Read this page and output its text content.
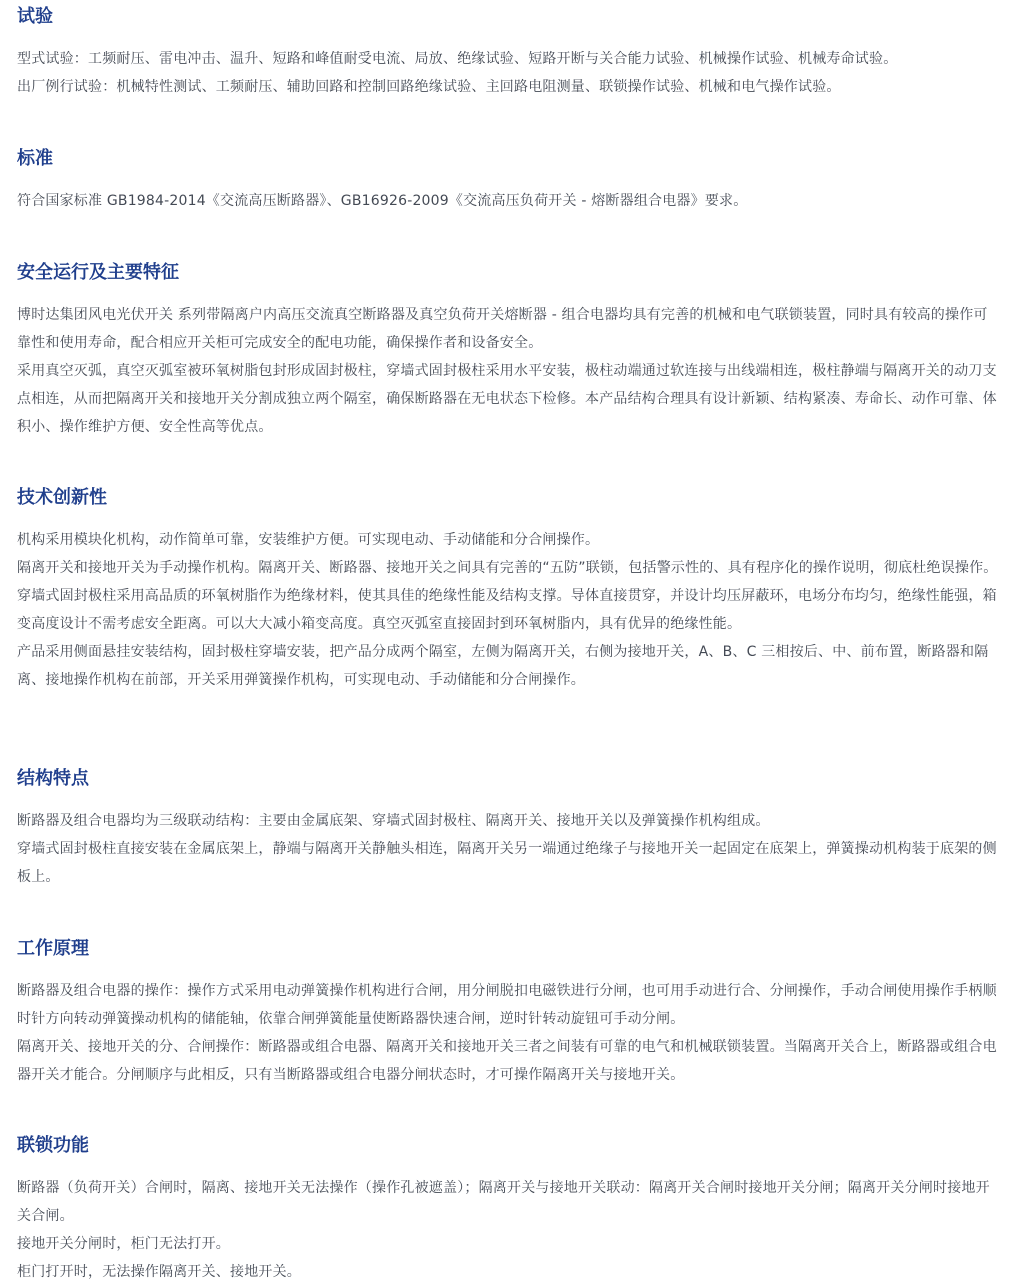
试验

型式试验：工频耐压、雷电冲击、温升、短路和峰值耐受电流、局放、绝缘试验、短路开断与关合能力试验、机械操作试验、机械寿命试验。

出厂例行试验：机械特性测试、工频耐压、辅助回路和控制回路绝缘试验、主回路电阻测量、联锁操作试验、机械和电气操作试验。

标准

符合国家标准 GB1984-2014《交流高压断路器》、GB16926-2009《交流高压负荷开关 - 熔断器组合电器》要求。

安全运行及主要特征

博时达集团风电光伏开关 系列带隔离户内高压交流真空断路器及真空负荷开关熔断器 - 组合电器均具有完善的机械和电气联锁装置，同时具有较高的操作可靠性和使用寿命，配合相应开关柜可完成安全的配电功能，确保操作者和设备安全。

采用真空灭弧，真空灭弧室被环氧树脂包封形成固封极柱，穿墙式固封极柱采用水平安装，极柱动端通过软连接与出线端相连，极柱静端与隔离开关的动刀支点相连，从而把隔离开关和接地开关分割成独立两个隔室，确保断路器在无电状态下检修。本产品结构合理具有设计新颖、结构紧凑、寿命长、动作可靠、体积小、操作维护方便、安全性高等优点。

技术创新性

机构采用模块化机构，动作简单可靠，安装维护方便。可实现电动、手动储能和分合闸操作。

隔离开关和接地开关为手动操作机构。隔离开关、断路器、接地开关之间具有完善的“五防”联锁，包括警示性的、具有程序化的操作说明，彻底杜绝误操作。

穿墙式固封极柱采用高品质的环氧树脂作为绝缘材料，使其具佳的绝缘性能及结构支撑。导体直接贯穿，并设计均压屏蔽环，电场分布均匀，绝缘性能强，箱变高度设计不需考虑安全距离。可以大大减小箱变高度。真空灭弧室直接固封到环氧树脂内，具有优异的绝缘性能。

产品采用侧面悬挂安装结构，固封极柱穿墙安装，把产品分成两个隔室，左侧为隔离开关，右侧为接地开关，A、B、C 三相按后、中、前布置，断路器和隔离、接地操作机构在前部，开关采用弹簧操作机构，可实现电动、手动储能和分合闸操作。

结构特点

断路器及组合电器均为三级联动结构：主要由金属底架、穿墙式固封极柱、隔离开关、接地开关以及弹簧操作机构组成。

穿墙式固封极柱直接安装在金属底架上，静端与隔离开关静触头相连，隔离开关另一端通过绝缘子与接地开关一起固定在底架上，弹簧操动机构装于底架的侧板上。

工作原理

断路器及组合电器的操作：操作方式采用电动弹簧操作机构进行合闸，用分闸脱扣电磁铁进行分闸，也可用手动进行合、分闸操作，手动合闸使用操作手柄顺时针方向转动弹簧操动机构的储能轴，依靠合闸弹簧能量使断路器快速合闸，逆时针转动旋钮可手动分闸。

隔离开关、接地开关的分、合闸操作：断路器或组合电器、隔离开关和接地开关三者之间装有可靠的电气和机械联锁装置。当隔离开关合上，断路器或组合电器开关才能合。分闸顺序与此相反，只有当断路器或组合电器分闸状态时，才可操作隔离开关与接地开关。

联锁功能

断路器（负荷开关）合闸时，隔离、接地开关无法操作（操作孔被遮盖）；隔离开关与接地开关联动：隔离开关合闸时接地开关分闸；隔离开关分闸时接地开关合闸。

接地开关分闸时，柜门无法打开。

柜门打开时，无法操作隔离开关、接地开关。
